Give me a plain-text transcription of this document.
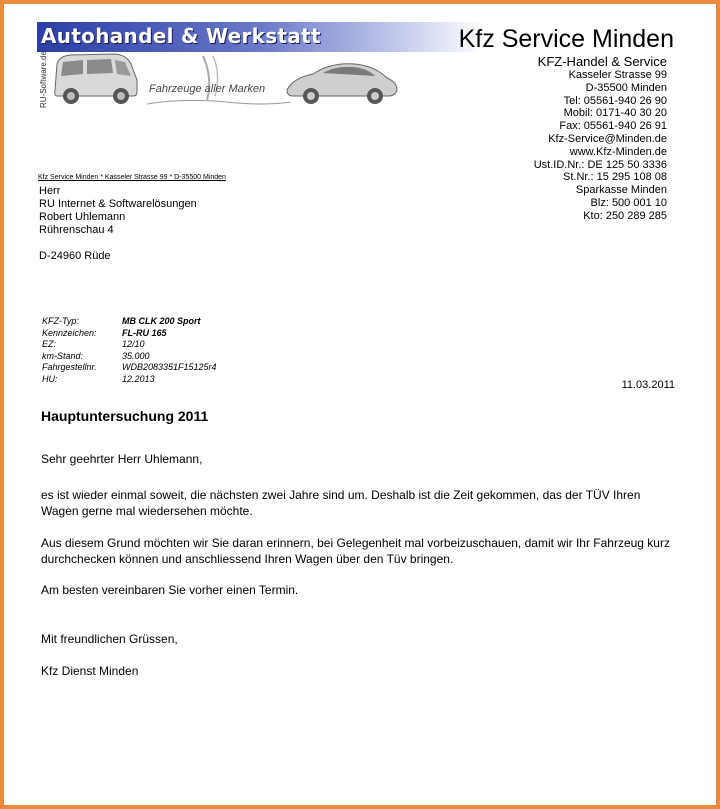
Autohandel & Werkstatt	Kfz Service Minden
Fahrzeuge aller Marken
RU-Software.de	KFZ-Handel & Service
Kasseler Strasse 99
D-35500 Minden
Tel: 05561-940 26 90
Mobil: 0171-40 30 20
Fax: 05561-940 26 91
Kfz-Service@Minden.de
www.Kfz-Minden.de
Ust.ID.Nr.: DE 125 50 3336
St.Nr.: 15 295 108 08
Sparkasse Minden
Blz: 500 001 10
Kto: 250 289 285
Kfz Service Minden * Kasseler Strasse 99 * D-35500 Minden
Herr
RU Internet & Softwarelösungen
Robert Uhlemann
Rührenschau 4
D-24960 Rüde
KFZ-Typ:	MB CLK 200 Sport
Kennzeichen:	FL-RU 165
EZ:	12/10
km-Stand:	35.000
Fahrgestellnr.	WDB2083351F15125r4
HU:	12.2013
11.03.2011
Hauptuntersuchung 2011
Sehr geehrter Herr Uhlemann,
es ist wieder einmal soweit, die nächsten zwei Jahre sind um. Deshalb ist die Zeit gekommen, das der TÜV Ihren Wagen gerne mal wiedersehen möchte.
Aus diesem Grund möchten wir Sie daran erinnern, bei Gelegenheit mal vorbeizuschauen, damit wir Ihr Fahrzeug kurz durchchecken können und anschliessend Ihren Wagen über den Tüv bringen.
Am besten vereinbaren Sie vorher einen Termin.
Mit freundlichen Grüssen,
Kfz Dienst Minden
